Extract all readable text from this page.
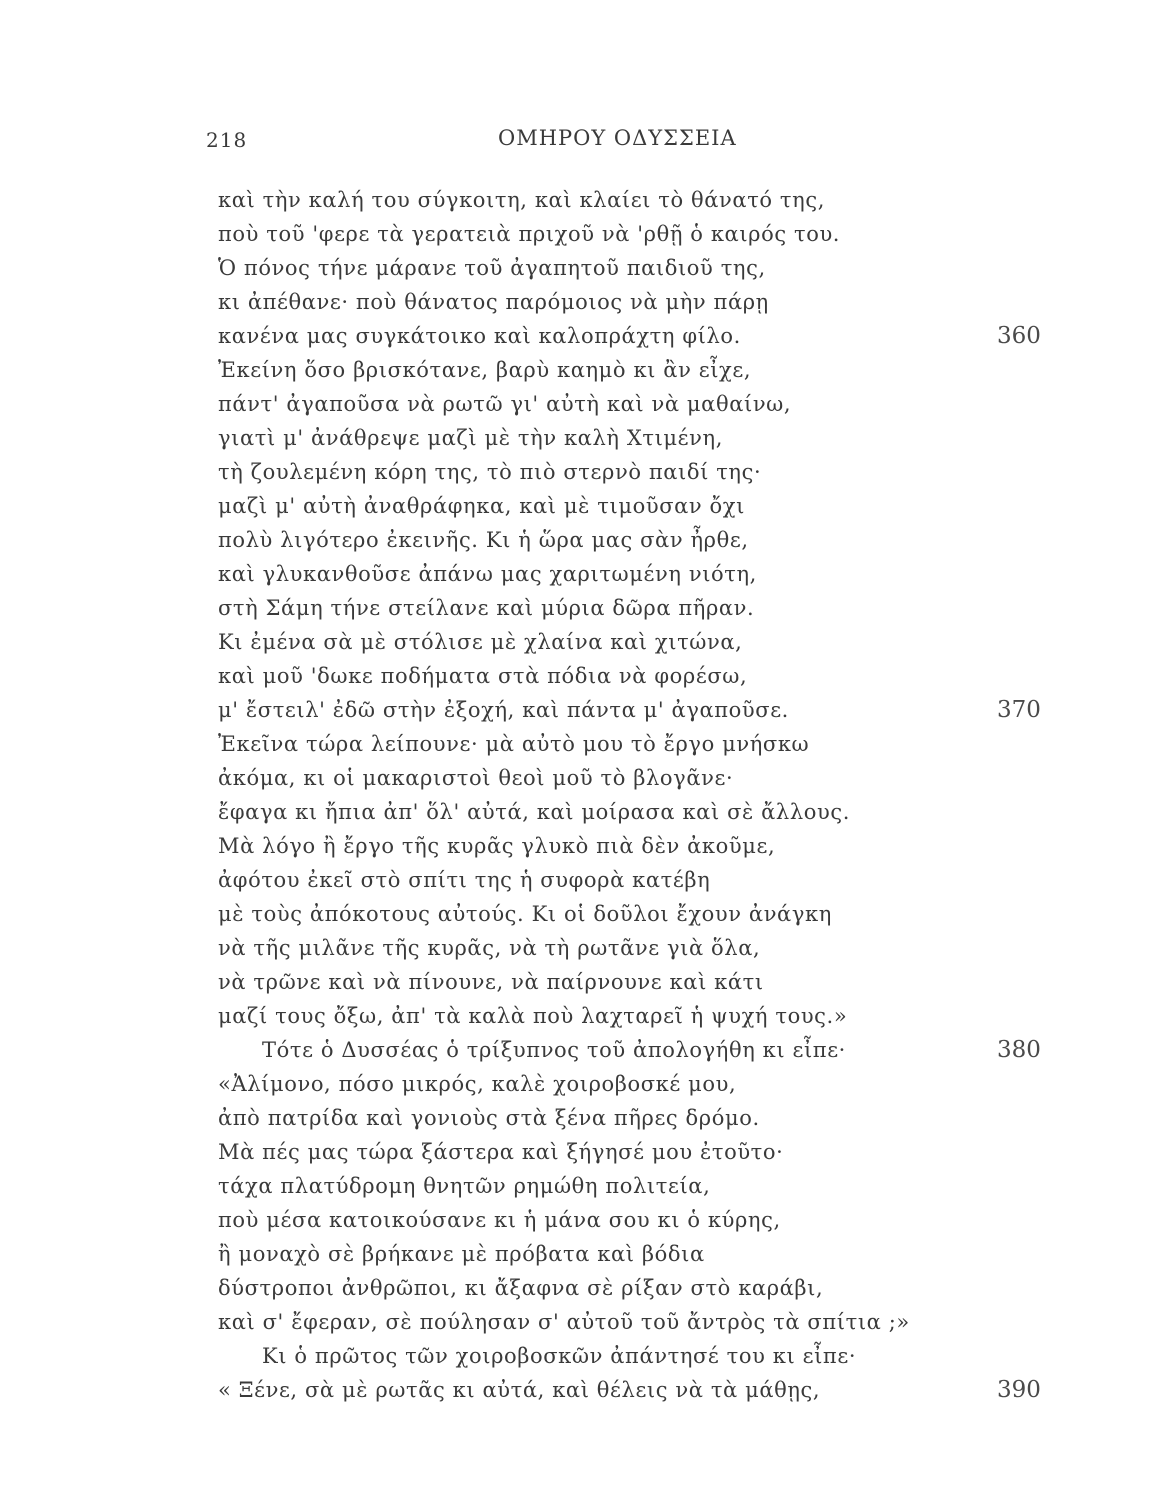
218	ΟΜΗΡΟΥ ΟΔΥΣΣΕΙΑ
καὶ τὴν καλή του σύγκοιτη, καὶ κλαίει τὸ θάνατό της,
ποὺ τοῦ 'φερε τὰ γερατειὰ πριχοῦ νὰ 'ρθῇ ὁ καιρός του.
Ὁ πόνος τήνε μάρανε τοῦ ἀγαπητοῦ παιδιοῦ της,
κι ἀπέθανε· ποὺ θάνατος παρόμοιος νὰ μὴν πάρῃ
κανένα μας συγκάτοικο καὶ καλοπράχτη φίλο.	360
Ἐκείνη ὅσο βρισκότανε, βαρὺ καημὸ κι ἂν εἶχε,
πάντ' ἀγαποῦσα νὰ ρωτῶ γι' αὐτὴ καὶ νὰ μαθαίνω,
γιατὶ μ' ἀνάθρεψε μαζὶ μὲ τὴν καλὴ Χτιμένη,
τὴ ζουλεμένη κόρη της, τὸ πιὸ στερνὸ παιδί της·
μαζὶ μ' αὐτὴ ἀναθράφηκα, καὶ μὲ τιμοῦσαν ὄχι
πολὺ λιγότερο ἐκεινῆς. Κι ἡ ὥρα μας σὰν ἦρθε,
καὶ γλυκανθοῦσε ἀπάνω μας χαριτωμένη νιότη,
στὴ Σάμη τήνε στείλανε καὶ μύρια δῶρα πῆραν.
Κι ἐμένα σὰ μὲ στόλισε μὲ χλαίνα καὶ χιτώνα,
καὶ μοῦ 'δωκε ποδήματα στὰ πόδια νὰ φορέσω,
μ' ἔστειλ' ἐδῶ στὴν ἐξοχή, καὶ πάντα μ' ἀγαποῦσε.	370
Ἐκεῖνα τώρα λείπουνε· μὰ αὐτὸ μου τὸ ἔργο μνήσκω
ἀκόμα, κι οἱ μακαριστοὶ θεοὶ μοῦ τὸ βλογᾶνε·
ἔφαγα κι ἤπια ἀπ' ὅλ' αὐτά, καὶ μοίρασα καὶ σὲ ἄλλους.
Μὰ λόγο ἢ ἔργο τῆς κυρᾶς γλυκὸ πιὰ δὲν ἀκοῦμε,
ἀφότου ἐκεῖ στὸ σπίτι της ἡ συφορὰ κατέβη
μὲ τοὺς ἀπόκοτους αὐτούς. Κι οἱ δοῦλοι ἔχουν ἀνάγκη
νὰ τῆς μιλᾶνε τῆς κυρᾶς, νὰ τὴ ρωτᾶνε γιὰ ὅλα,
νὰ τρῶνε καὶ νὰ πίνουνε, νὰ παίρνουνε καὶ κάτι
μαζί τους ὄξω, ἀπ' τὰ καλὰ ποὺ λαχταρεῖ ἡ ψυχή τους.»
Τότε ὁ Δυσσέας ὁ τρίξυπνος τοῦ ἀπολογήθη κι εἶπε·	380
«Ἀλίμονο, πόσο μικρός, καλὲ χοιροβοσκέ μου,
ἀπὸ πατρίδα καὶ γονιοὺς στὰ ξένα πῆρες δρόμο.
Μὰ πές μας τώρα ξάστερα καὶ ξήγησέ μου ἐτοῦτο·
τάχα πλατύδρομη θνητῶν ρημώθη πολιτεία,
ποὺ μέσα κατοικούσανε κι ἡ μάνα σου κι ὁ κύρης,
ἢ μοναχὸ σὲ βρήκανε μὲ πρόβατα καὶ βόδια
δύστροποι ἀνθρῶποι, κι ἄξαφνα σὲ ρίξαν στὸ καράβι,
καὶ σ' ἔφεραν, σὲ πούλησαν σ' αὐτοῦ τοῦ ἄντρὸς τὰ σπίτια ;»
Κι ὁ πρῶτος τῶν χοιροβοσκῶν ἀπάντησέ του κι εἶπε·
« Ξένε, σὰ μὲ ρωτᾶς κι αὐτά, καὶ θέλεις νὰ τὰ μάθῃς,	390
